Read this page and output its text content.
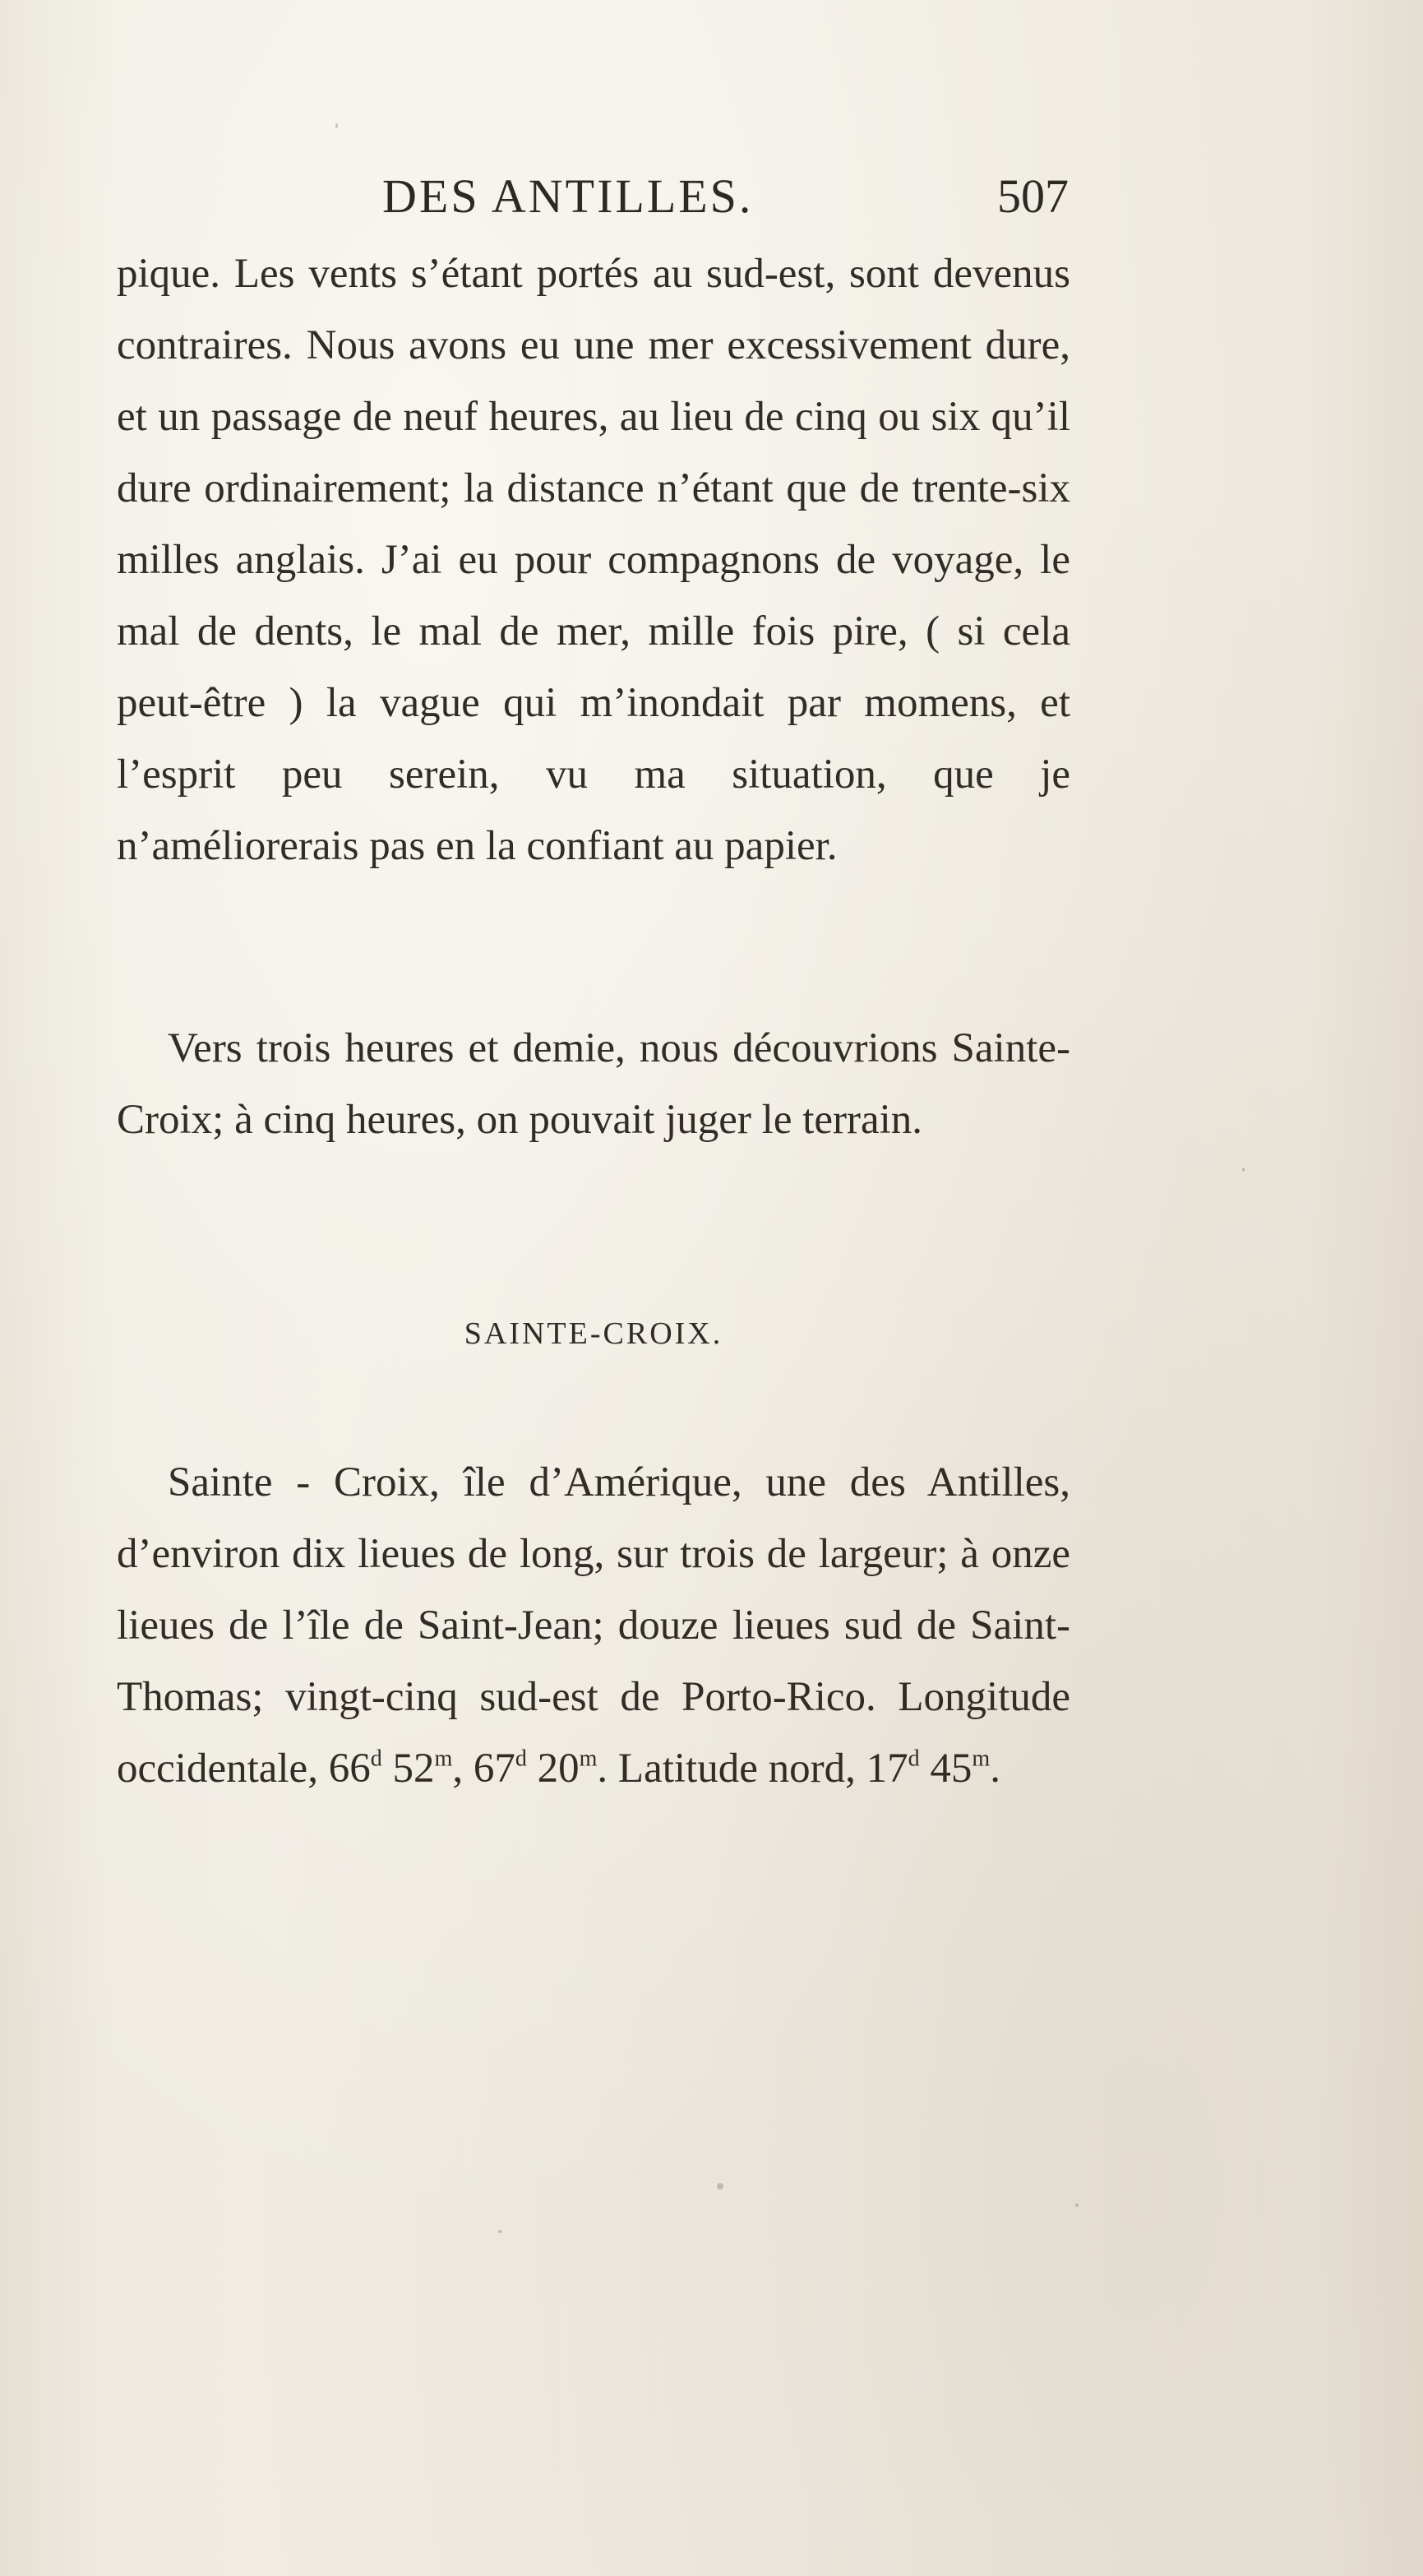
DES ANTILLES.	507

pique. Les vents s’étant portés au sud-est, sont devenus contraires. Nous avons eu une mer excessivement dure, et un passage de neuf heures, au lieu de cinq ou six qu’il dure ordinairement; la distance n’étant que de trente-six milles anglais. J’ai eu pour compagnons de voyage, le mal de dents, le mal de mer, mille fois pire, ( si cela peut-être ) la vague qui m’inondait par momens, et l’esprit peu serein, vu ma situation, que je n’améliorerais pas en la confiant au papier.

Vers trois heures et demie, nous découvrions Sainte-Croix; à cinq heures, on pouvait juger le terrain.

SAINTE-CROIX.

Sainte - Croix, île d’Amérique, une des Antilles, d’environ dix lieues de long, sur trois de largeur; à onze lieues de l’île de Saint-Jean; douze lieues sud de Saint-Thomas; vingt-cinq sud-est de Porto-Rico. Longitude occidentale, 66$^d$ 52$^m$, 67$^d$ 20$^m$. Latitude nord, 17$^d$ 45$^m$.
